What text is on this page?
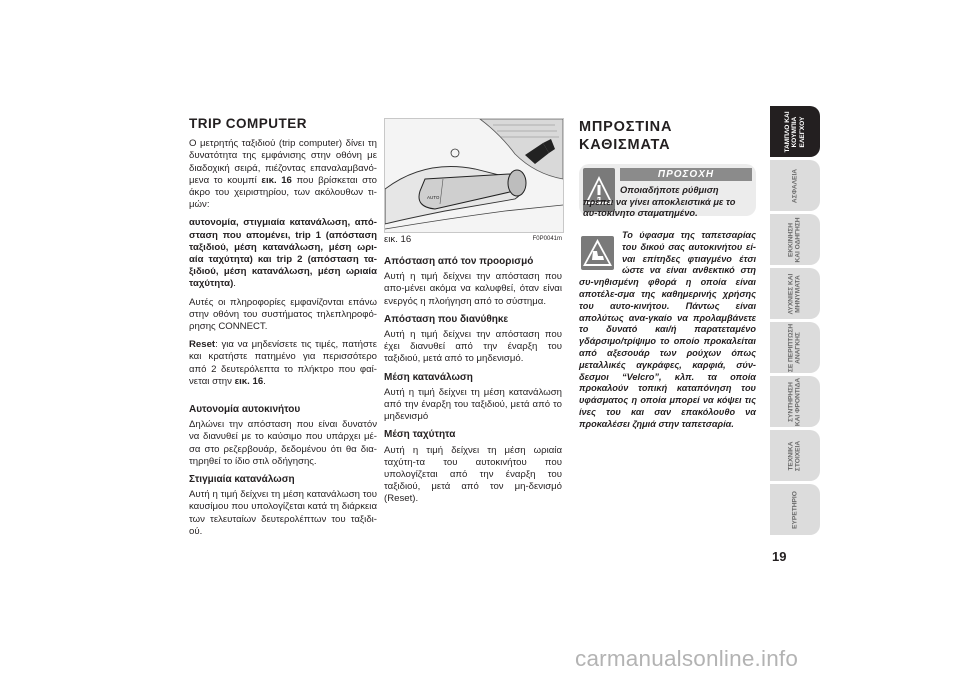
TRIP COMPUTER

Ο μετρητής ταξιδιού (trip computer) δίνει τη δυνατότητα της εμφάνισης στην οθόνη με διαδοχική σειρά, πιέζοντας επαναλαμβανό-μενα το κουμπί εικ. 16 που βρίσκεται στο άκρο του χειριστηρίου, των ακόλουθων τι-μών:

αυτονομία, στιγμιαία κατανάλωση, από-σταση που απομένει, trip 1 (απόσταση ταξιδιού, μέση κατανάλωση, μέση ωρι-αία ταχύτητα) και trip 2 (απόσταση τα-ξιδιού, μέση κατανάλωση, μέση ωριαία ταχύτητα).

Αυτές οι πληροφορίες εμφανίζονται επάνω στην οθόνη του συστήματος τηλεπληροφό-ρησης CONNECT.

Reset: για να μηδενίσετε τις τιμές, πατήστε και κρατήστε πατημένο για περισσότερο από 2 δευτερόλεπτα το πλήκτρο που φαί-νεται στην εικ. 16.

Αυτονομία αυτοκινήτου

Δηλώνει την απόσταση που είναι δυνατόν να διανυθεί με το καύσιμο που υπάρχει μέ-σα στο ρεζερβουάρ, δεδομένου ότι θα δια-τηρηθεί το ίδιο στιλ οδήγησης.

Στιγμιαία κατανάλωση

Αυτή η τιμή δείχνει τη μέση κατανάλωση του καυσίμου που υπολογίζεται κατά τη διάρκεια των τελευταίων δευτερολέπτων του ταξιδι-ού.

AUTO
εικ. 16	F0P0041m
Απόσταση από τον προορισμό

Αυτή η τιμή δείχνει την απόσταση που απο-μένει ακόμα να καλυφθεί, όταν είναι ενεργός η πλοήγηση από το σύστημα.

Απόσταση που διανύθηκε

Αυτή η τιμή δείχνει την απόσταση που έχει διανυθεί από την έναρξη του ταξιδιού, μετά από το μηδενισμό.

Μέση κατανάλωση

Αυτή η τιμή δείχνει τη μέση κατανάλωση από την έναρξη του ταξιδιού, μετά από το μηδενισμό

Μέση ταχύτητα

Αυτή η τιμή δείχνει τη μέση ωριαία ταχύτη-τα του αυτοκινήτου που υπολογίζεται από την έναρξη του ταξιδιού, μετά από τον μη-δενισμό (Reset).

ΜΠΡΟΣΤΙΝΑ
ΚΑΘΙΣΜΑΤΑ
ΠΡΟΣΟΧΗ
Οποιαδήποτε ρύθμιση πρέπει να γίνει αποκλειστικά με το αυ-τοκίνητο σταματημένο.
Το ύφασμα της ταπετσαρίας του δικού σας αυτοκινήτου εί-ναι επίτηδες φτιαγμένο έτσι ώστε να είναι ανθεκτικό στη συ-νηθισμένη φθορά η οποία είναι αποτέλε-σμα της καθημερινής χρήσης του αυτο-κινήτου. Πάντως είναι απολύτως ανα-γκαίο να προλαμβάνετε το δυνατό και/ή παρατεταμένο γδάρσιμο/τρίψιμο το οποίο προκαλείται από αξεσουάρ των ρούχων όπως μεταλλικές αγκράφες, καρφιά, σύν-δεσμοι “Velcro”, κλπ. τα οποία προκαλούν τοπική καταπόνηση του υφάσματος η οποία μπορεί να κόψει τις ίνες του και σαν επακόλουθο να προκαλέσει ζημιά στην ταπετσαρία.
ΤΑΜΠΛΟ ΚΑΙ
ΚΟΥΜΠΙΑ
ΕΛΕΓΧΟΥ
ΑΣΦΑΛΕΙΑ
ΕΚΚΙΝΗΣΗ
ΚΑΙ ΟΔΗΓΗΣΗ
ΛΥΧΝΙΕΣ ΚΑΙ
ΜΗΝΥΜΑΤΑ
ΣΕ ΠΕΡΙΠΤΩΣΗ
ΑΝΑΓΚΗΣ
ΣΥΝΤΗΡΗΣΗ
ΚΑΙ ΦΡΟΝΤΙΔΑ
ΤΕΧΝΙΚΑ
ΣΤΟΙΧΕΙΑ
ΕΥΡΕΤΗΡΙΟ
19
carmanualsonline.info
